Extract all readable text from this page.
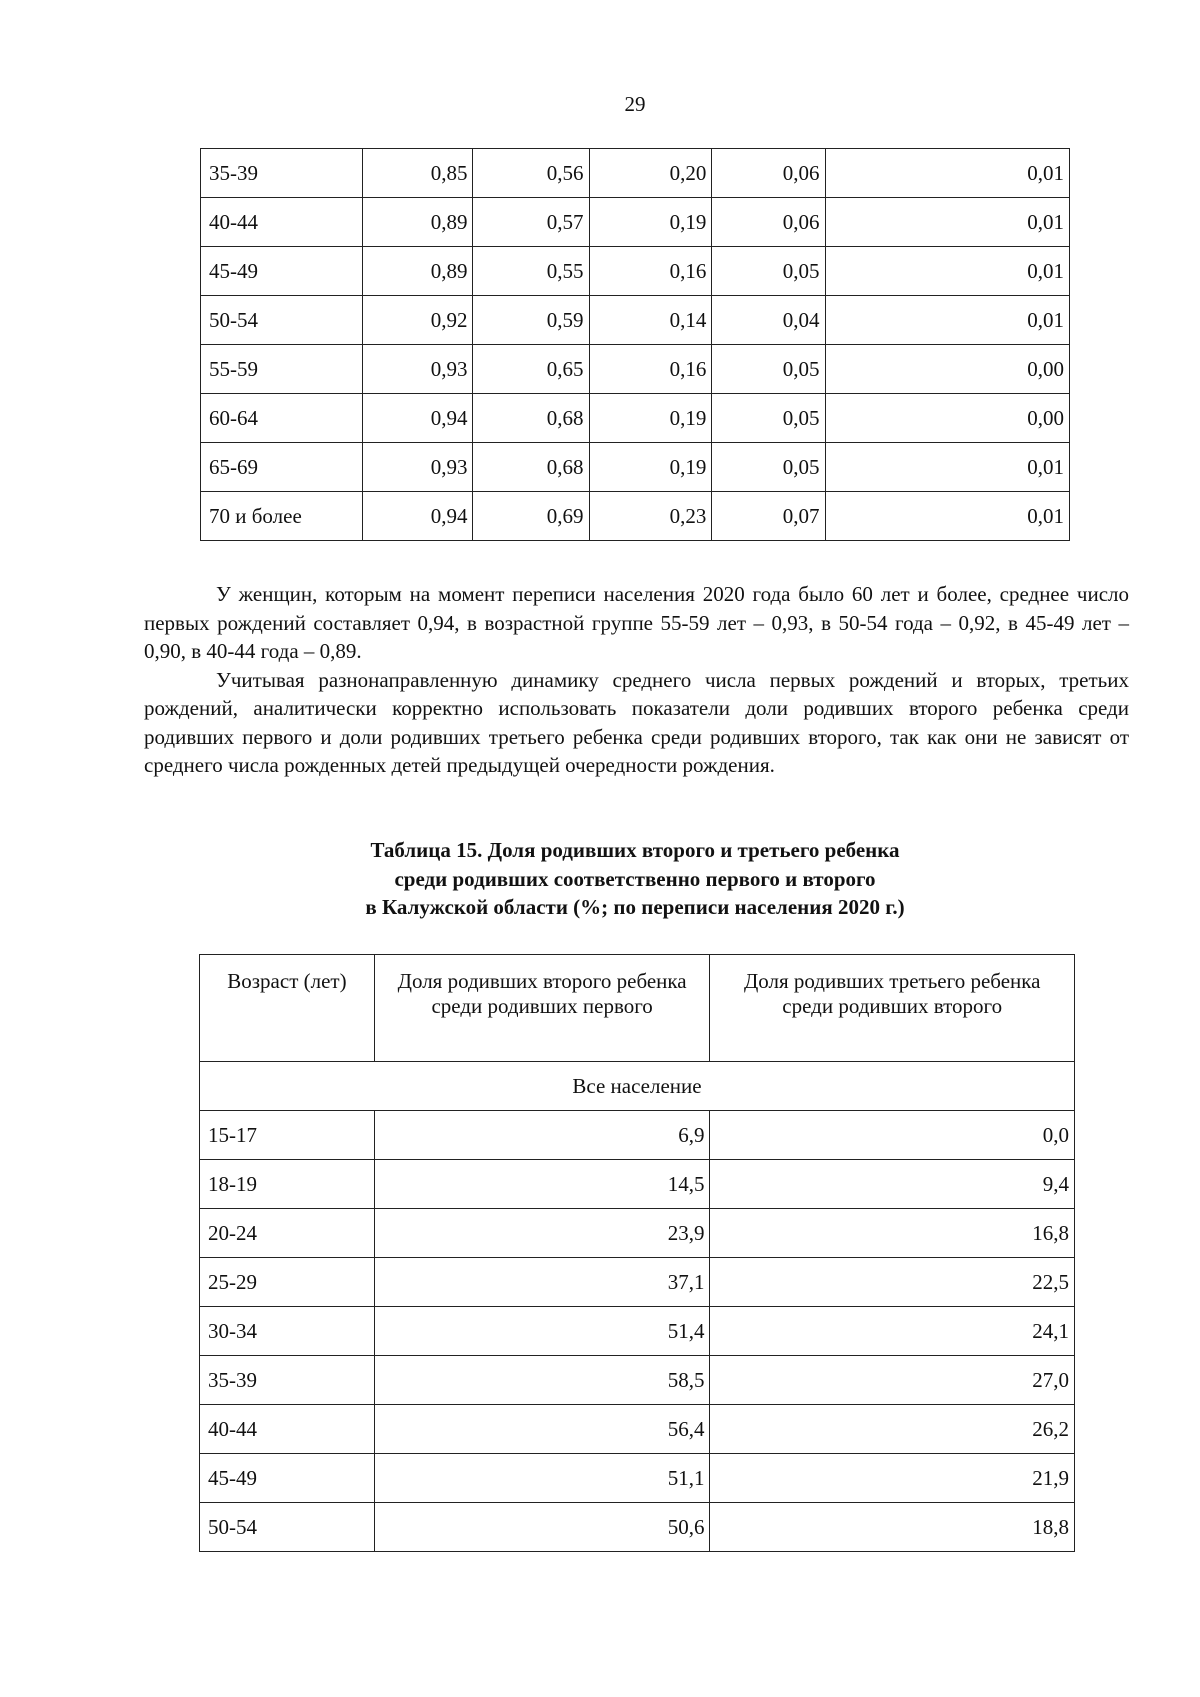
29
35-39	0,85	0,56	0,20	0,06	0,01
40-44	0,89	0,57	0,19	0,06	0,01
45-49	0,89	0,55	0,16	0,05	0,01
50-54	0,92	0,59	0,14	0,04	0,01
55-59	0,93	0,65	0,16	0,05	0,00
60-64	0,94	0,68	0,19	0,05	0,00
65-69	0,93	0,68	0,19	0,05	0,01
70 и более	0,94	0,69	0,23	0,07	0,01

У женщин, которым на момент переписи населения 2020 года было 60 лет и более, среднее число первых рождений составляет 0,94, в возрастной группе 55-59 лет – 0,93, в 50-54 года – 0,92, в 45-49 лет – 0,90, в 40-44 года – 0,89.

Учитывая разнонаправленную динамику среднего числа первых рождений и вторых, третьих рождений, аналитически корректно использовать показатели доли родивших второго ребенка среди родивших первого и доли родивших третьего ребенка среди родивших второго, так как они не зависят от среднего числа рожденных детей предыдущей очередности рождения.

Таблица 15. Доля родивших второго и третьего ребенка
среди родивших соответственно первого и второго
в Калужской области (%; по переписи населения 2020 г.)
Возраст (лет)	Доля родивших второго ребенка среди родивших первого	Доля родивших третьего ребенка среди родивших второго
Все население		
15-17	6,9	0,0
18-19	14,5	9,4
20-24	23,9	16,8
25-29	37,1	22,5
30-34	51,4	24,1
35-39	58,5	27,0
40-44	56,4	26,2
45-49	51,1	21,9
50-54	50,6	18,8
